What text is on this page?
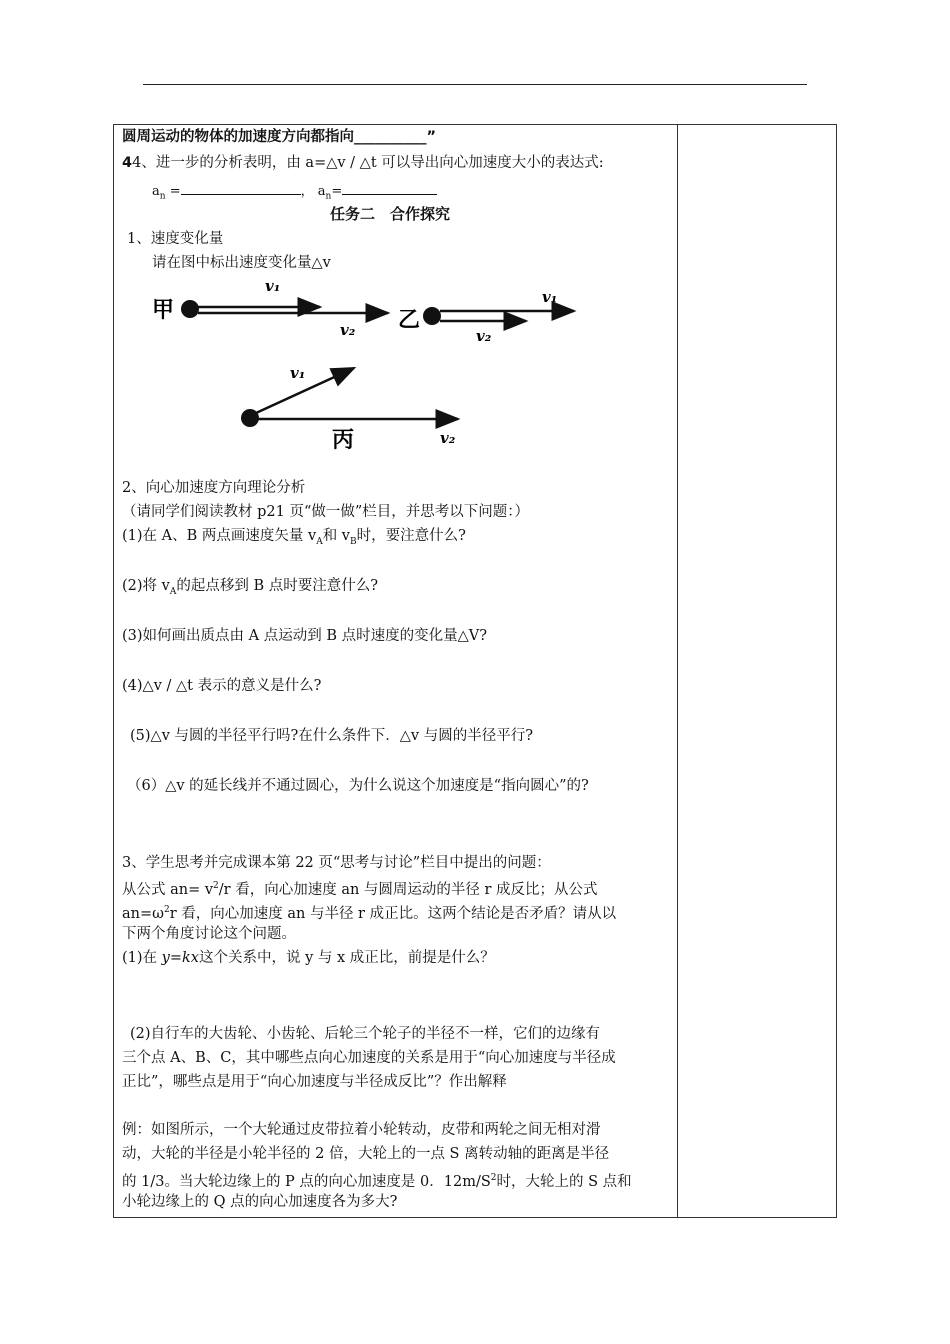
圆周运动的物体的加速度方向都指向__________”
44、进一步的分析表明，由 a=△v / △t 可以导出向心加速度大小的表达式:
$a_n$ =	， $a_n=$
任务二　合作探究
1、速度变化量
请在图中标出速度变化量△v
甲
v₁
v₂ 乙
v₁
v₂
v₁
v₂
丙
2、向心加速度方向理论分析
（请同学们阅读教材 p21 页“做一做”栏目，并思考以下问题：）
(1)在 A、B 两点画速度矢量 $v_A$和 $v_B$时，要注意什么?
(2)将 $v_A$的起点移到 B 点时要注意什么?
(3)如何画出质点由 A 点运动到 B 点时速度的变化量△V?
(4)△v / △t 表示的意义是什么?
(5)△v 与圆的半径平行吗?在什么条件下．△v 与圆的半径平行?
（6）△v 的延长线并不通过圆心，为什么说这个加速度是“指向圆心”的?
3、学生思考并完成课本第 22 页“思考与讨论”栏目中提出的问题：
从公式 $an= v^2/r$ 看，向心加速度 an 与圆周运动的半径 r 成反比；从公式
$an=\omega^2r$ 看，向心加速度 an 与半径 r 成正比。这两个结论是否矛盾？请从以
下两个角度讨论这个问题。
(1)在 y=kx这个关系中，说 y 与 x 成正比，前提是什么？
(2)自行车的大齿轮、小齿轮、后轮三个轮子的半径不一样，它们的边缘有
三个点 A、B、C，其中哪些点向心加速度的关系是用于“向心加速度与半径成
正比”，哪些点是用于“向心加速度与半径成反比”？作出解释
例：如图所示，一个大轮通过皮带拉着小轮转动，皮带和两轮之间无相对滑
动，大轮的半径是小轮半径的 2 倍，大轮上的一点 S 离转动轴的距离是半径
的 1/3。当大轮边缘上的 P 点的向心加速度是 0．$12m/S^2$时，大轮上的 S 点和
小轮边缘上的 Q 点的向心加速度各为多大?
